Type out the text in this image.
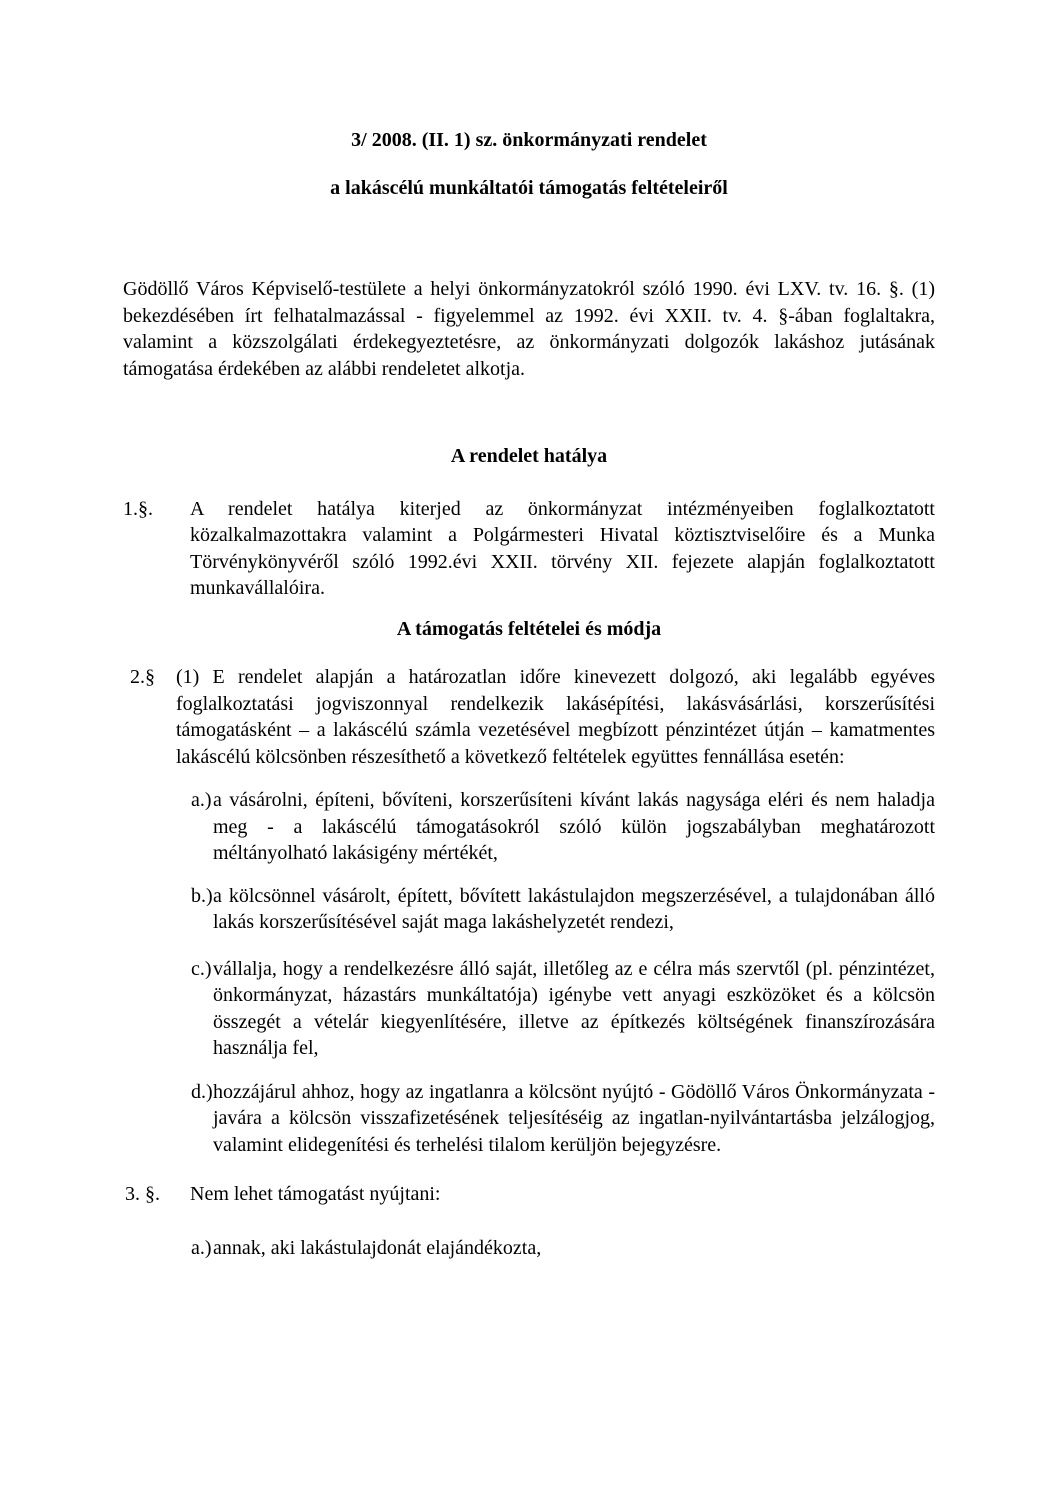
3/ 2008. (II. 1) sz. önkormányzati rendelet
a lakáscélú munkáltatói támogatás feltételeiről

Gödöllő Város Képviselő-testülete a helyi önkormányzatokról szóló 1990. évi LXV. tv. 16. §. (1) bekezdésében írt felhatalmazással - figyelemmel az 1992. évi XXII. tv. 4. §-ában foglaltakra, valamint a közszolgálati érdekegyeztetésre, az önkormányzati dolgozók lakáshoz jutásának támogatása érdekében az alábbi rendeletet alkotja.

A rendelet hatálya
1.§. A rendelet hatálya kiterjed az önkormányzat intézményeiben foglalkoztatott közalkalmazottakra valamint a Polgármesteri Hivatal köztisztviselőire és a Munka Törvénykönyvéről szóló 1992.évi XXII. törvény XII. fejezete alapján foglalkoztatott munkavállalóira.
A támogatás feltételei és módja
2.§ (1) E rendelet alapján a határozatlan időre kinevezett dolgozó, aki legalább egyéves foglalkoztatási jogviszonnyal rendelkezik lakásépítési, lakásvásárlási, korszerűsítési támogatásként – a lakáscélú számla vezetésével megbízott pénzintézet útján – kamatmentes lakáscélú kölcsönben részesíthető a következő feltételek együttes fennállása esetén:
a.) a vásárolni, építeni, bővíteni, korszerűsíteni kívánt lakás nagysága eléri és nem haladja meg - a lakáscélú támogatásokról szóló külön jogszabályban meghatározott méltányolható lakásigény mértékét,
b.) a kölcsönnel vásárolt, épített, bővített lakástulajdon megszerzésével, a tulajdonában álló lakás korszerűsítésével saját maga lakáshelyzetét rendezi,
c.) vállalja, hogy a rendelkezésre álló saját, illetőleg az e célra más szervtől (pl. pénzintézet, önkormányzat, házastárs munkáltatója) igénybe vett anyagi eszközöket és a kölcsön összegét a vételár kiegyenlítésére, illetve az építkezés költségének finanszírozására használja fel,
d.) hozzájárul ahhoz, hogy az ingatlanra a kölcsönt nyújtó - Gödöllő Város Önkormányzata - javára a kölcsön visszafizetésének teljesítéséig az ingatlan-nyilvántartásba jelzálogjog, valamint elidegenítési és terhelési tilalom kerüljön bejegyzésre.
3. §. Nem lehet támogatást nyújtani:
a.) annak, aki lakástulajdonát elajándékozta,
